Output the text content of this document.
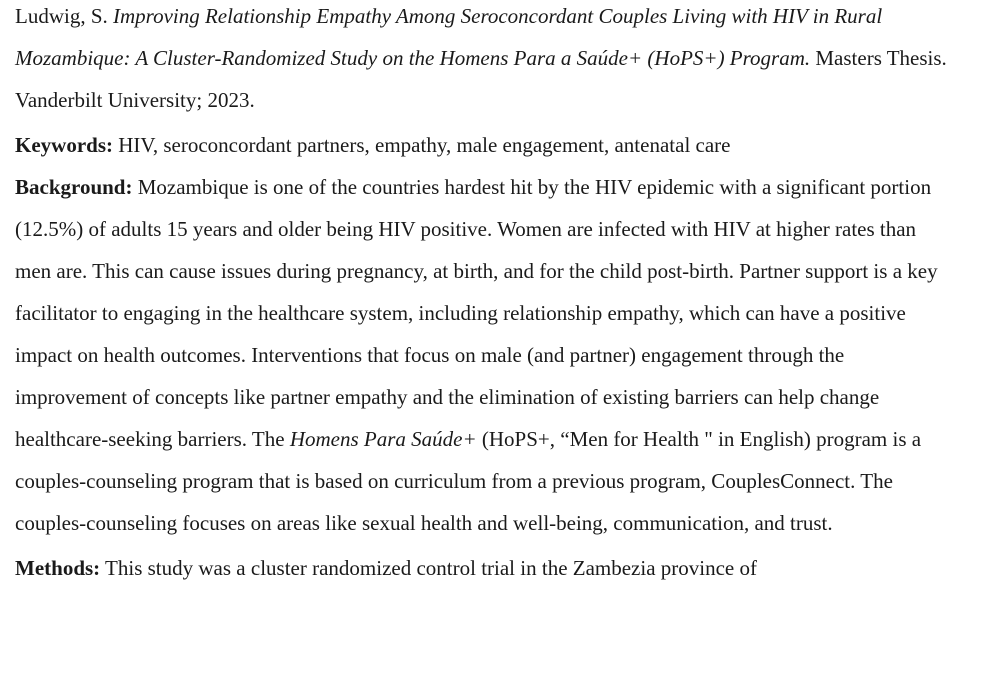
Ludwig, S. Improving Relationship Empathy Among Seroconcordant Couples Living with HIV in Rural Mozambique: A Cluster-Randomized Study on the Homens Para a Saúde+ (HoPS+) Program. Masters Thesis. Vanderbilt University; 2023.

Keywords: HIV, seroconcordant partners, empathy, male engagement, antenatal care

Background: Mozambique is one of the countries hardest hit by the HIV epidemic with a significant portion (12.5%) of adults 15 years and older being HIV positive. Women are infected with HIV at higher rates than men are. This can cause issues during pregnancy, at birth, and for the child post-birth. Partner support is a key facilitator to engaging in the healthcare system, including relationship empathy, which can have a positive impact on health outcomes. Interventions that focus on male (and partner) engagement through the improvement of concepts like partner empathy and the elimination of existing barriers can help change healthcare-seeking barriers. The Homens Para Saúde+ (HoPS+, “Men for Health " in English) program is a couples-counseling program that is based on curriculum from a previous program, CouplesConnect. The couples-counseling focuses on areas like sexual health and well-being, communication, and trust.

Methods: This study was a cluster randomized control trial in the Zambezia province of
